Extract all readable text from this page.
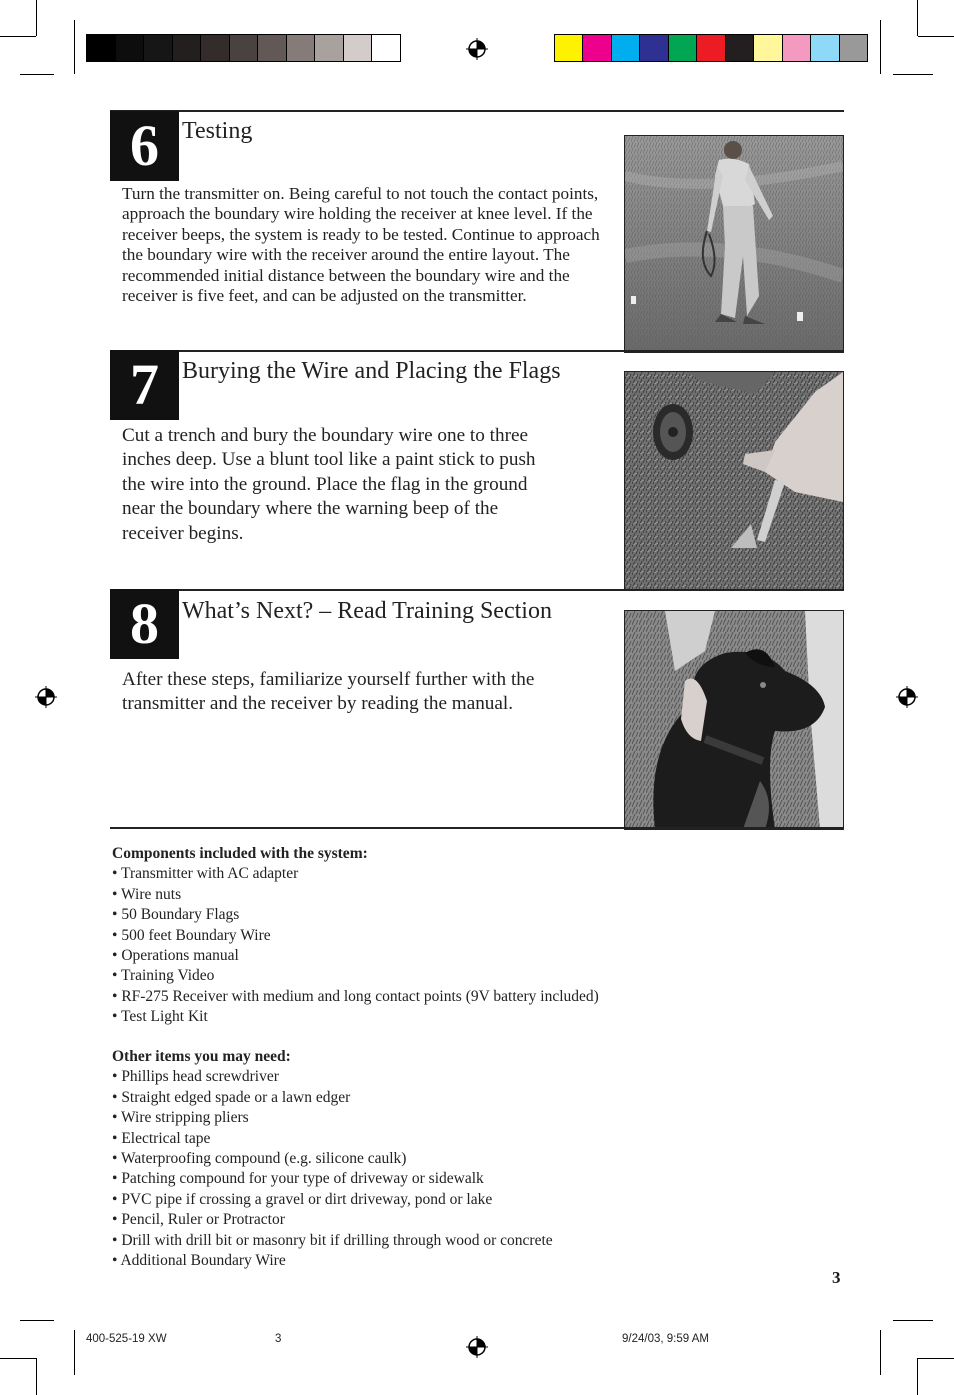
6 Testing
Turn the transmitter on. Being careful to not touch the contact points, approach the boundary wire holding the receiver at knee level. If the receiver beeps, the system is ready to be tested. Continue to approach the boundary wire with the receiver around the entire layout. The recommended initial distance between the boundary wire and the receiver is five feet, and can be adjusted on the transmitter.
7 Burying the Wire and Placing the Flags
Cut a trench and bury the boundary wire one to three inches deep. Use a blunt tool like a paint stick to push the wire into the ground. Place the flag in the ground near the boundary where the warning beep of the receiver begins.
8 What’s Next? – Read Training Section
After these steps, familiarize yourself further with the transmitter and the receiver by reading the manual.
Components included with the system:
• Transmitter with AC adapter
• Wire nuts
• 50 Boundary Flags
• 500 feet Boundary Wire
• Operations manual
• Training Video
• RF-275 Receiver with medium and long contact points (9V battery included)
• Test Light Kit
Other items you may need:
• Phillips head screwdriver
• Straight edged spade or a lawn edger
• Wire stripping pliers
• Electrical tape
• Waterproofing compound (e.g. silicone caulk)
• Patching compound for your type of driveway or sidewalk
• PVC pipe if crossing a gravel or dirt driveway, pond or lake
• Pencil, Ruler or Protractor
• Drill with drill bit or masonry bit if drilling through wood or concrete
• Additional Boundary Wire
3
400-525-19 XW	3	9/24/03, 9:59 AM
